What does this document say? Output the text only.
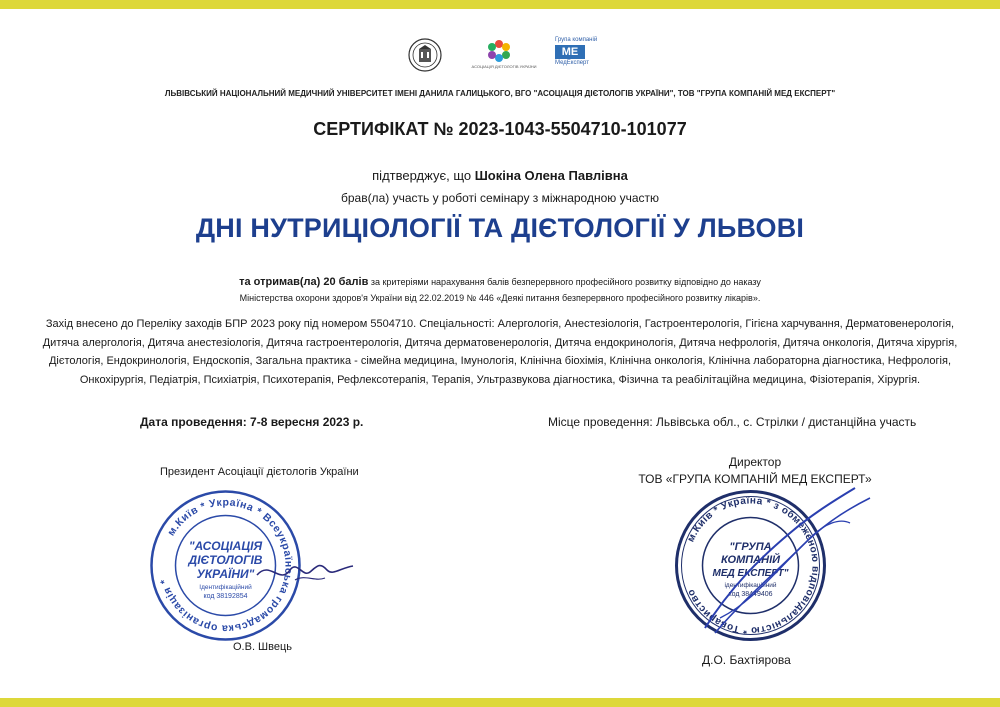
АСОЦІАЦІЯ ДІЄТОЛОГІВ УКРАЇНИ
Група компаній
МЕ
МедЕксперт
ЛЬВІВСЬКИЙ НАЦІОНАЛЬНИЙ МЕДИЧНИЙ УНІВЕРСИТЕТ ІМЕНІ ДАНИЛА ГАЛИЦЬКОГО, ВГО "АСОЦІАЦІЯ ДІЄТОЛОГІВ УКРАЇНИ", ТОВ "ГРУПА КОМПАНІЙ МЕД ЕКСПЕРТ"
СЕРТИФІКАТ № 2023-1043-5504710-101077
підтверджує, що Шокіна Олена Павлівна
брав(ла) участь у роботі семінару з міжнародною участю
ДНІ НУТРИЦІОЛОГІЇ ТА ДІЄТОЛОГІЇ У ЛЬВОВІ
та отримав(ла) 20 балів за критеріями нарахування балів безперервного професійного розвитку відповідно до наказу
Міністерства охорони здоров'я України від 22.02.2019 № 446 «Деякі питання безперервного професійного розвитку лікарів».
Захід внесено до Переліку заходів БПР 2023 року під номером 5504710. Спеціальності: Алергологія, Анестезіологія, Гастроентерологія, Гігієна харчування, Дерматовенерологія, Дитяча алергологія, Дитяча анестезіологія, Дитяча гастроентерологія, Дитяча дерматовенерологія, Дитяча ендокринологія, Дитяча нефрологія, Дитяча онкологія, Дитяча хірургія, Дієтологія, Ендокринологія, Ендоскопія, Загальна практика - сімейна медицина, Імунологія, Клінічна біохімія, Клінічна онкологія, Клінічна лабораторна діагностика, Нефрологія, Онкохірургія, Педіатрія, Психіатрія, Психотерапія, Рефлексотерапія, Терапія, Ультразвукова діагностика, Фізична та реабілітаційна медицина, Фізіотерапія, Хірургія.
Дата проведення: 7-8 вересня 2023 р.	Місце проведення: Львівська обл., с. Стрілки / дистанційна участь
Президент Асоціації дієтологів України
Директор
ТОВ «ГРУПА КОМПАНІЙ МЕД ЕКСПЕРТ»
м.Київ * Україна * Всеукраїнська громадська організація *
"АСОЦІАЦІЯ
ДІЄТОЛОГІВ
УКРАЇНИ"
Ідентифікаційний
код 38192854
м.Київ * Україна * з обмеженою відповідальністю * Товариство
"ГРУПА
КОМПАНІЙ
МЕД ЕКСПЕРТ"
ідентифікаційний
код 38449406
О.В. Швець
Д.О. Бахтіярова
